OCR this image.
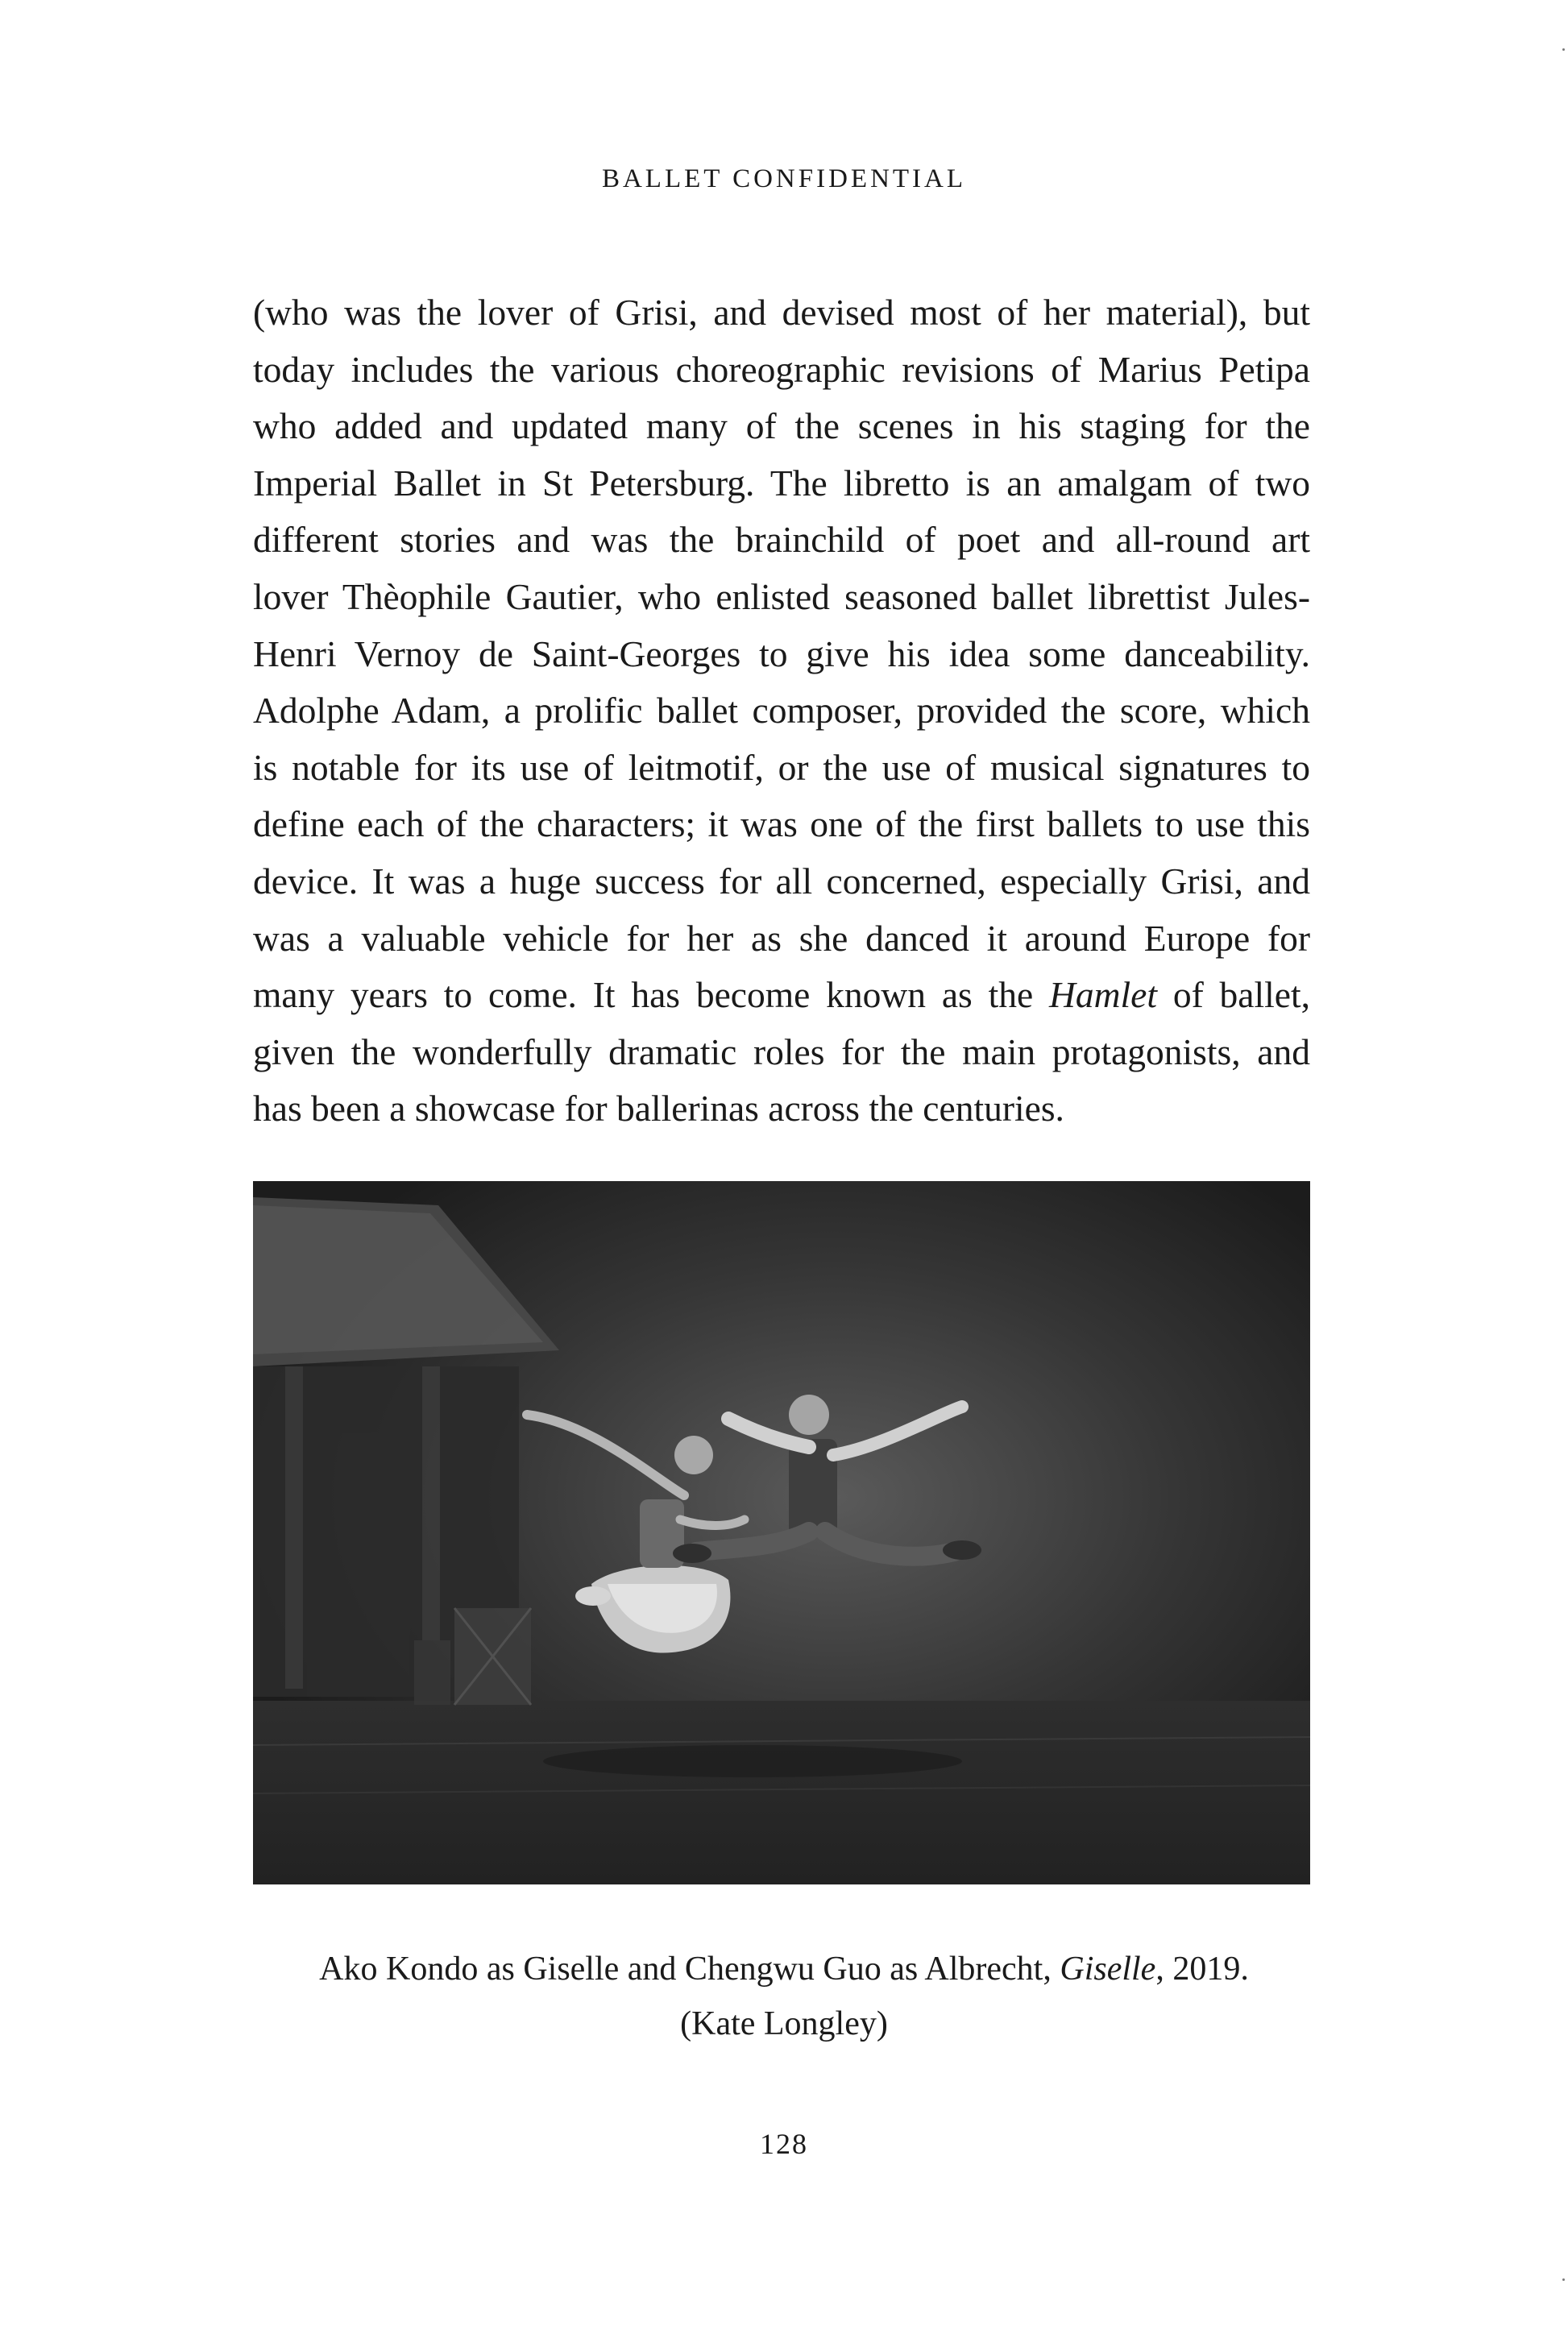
BALLET CONFIDENTIAL
(who was the lover of Grisi, and devised most of her material), but
today includes the various choreographic revisions of Marius Petipa
who added and updated many of the scenes in his staging for the
Imperial Ballet in St Petersburg. The libretto is an amalgam of two
different stories and was the brainchild of poet and all-round art
lover Thèophile Gautier, who enlisted seasoned ballet librettist Jules-
Henri Vernoy de Saint-Georges to give his idea some danceability.
Adolphe Adam, a prolific ballet composer, provided the score, which
is notable for its use of leitmotif, or the use of musical signatures to
define each of the characters; it was one of the first ballets to use this
device. It was a huge success for all concerned, especially Grisi, and
was a valuable vehicle for her as she danced it around Europe for
many years to come. It has become known as the Hamlet of ballet,
given the wonderfully dramatic roles for the main protagonists, and
has been a showcase for ballerinas across the centuries.
Ako Kondo as Giselle and Chengwu Guo as Albrecht, Giselle, 2019.
(Kate Longley)
128
